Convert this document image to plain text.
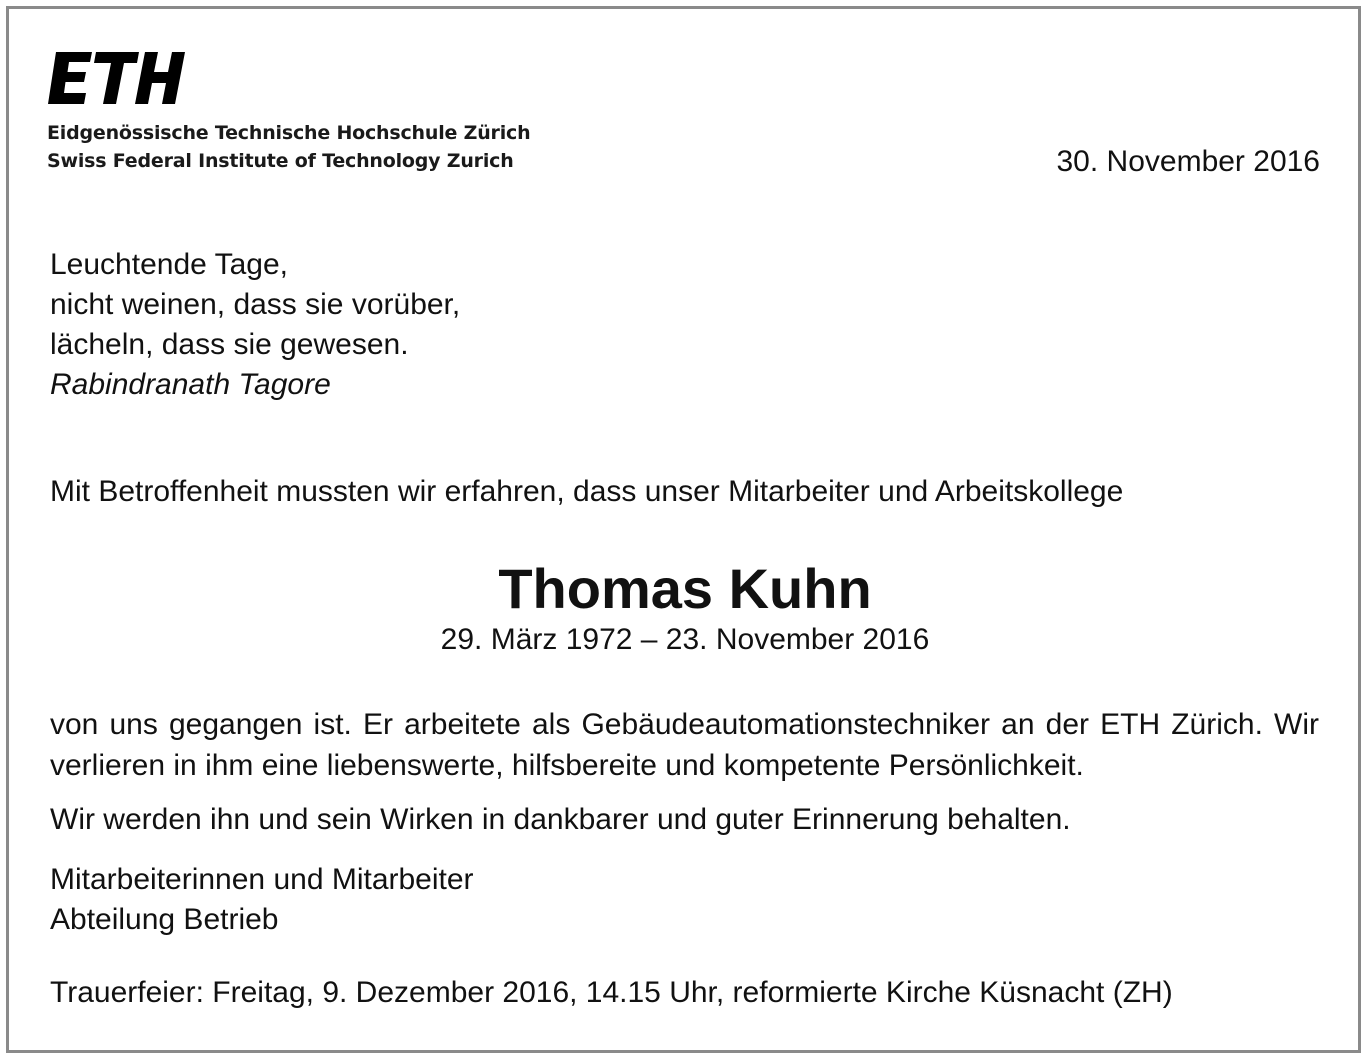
Eidgenössische Technische Hochschule Zürich
Swiss Federal Institute of Technology Zurich	30. November 2016
Leuchtende Tage,
nicht weinen, dass sie vorüber,
lächeln, dass sie gewesen.
Rabindranath Tagore
Mit Betroffenheit mussten wir erfahren, dass unser Mitarbeiter und Arbeitskollege
Thomas Kuhn
29. März 1972 – 23. November 2016
von uns gegangen ist. Er arbeitete als Gebäudeautomationstechniker an der ETH Zürich. Wir verlieren in ihm eine liebenswerte, hilfsbereite und kompetente Persönlichkeit.
Wir werden ihn und sein Wirken in dankbarer und guter Erinnerung behalten.
Mitarbeiterinnen und Mitarbeiter
Abteilung Betrieb
Trauerfeier: Freitag, 9. Dezember 2016, 14.15 Uhr, reformierte Kirche Küsnacht (ZH)
